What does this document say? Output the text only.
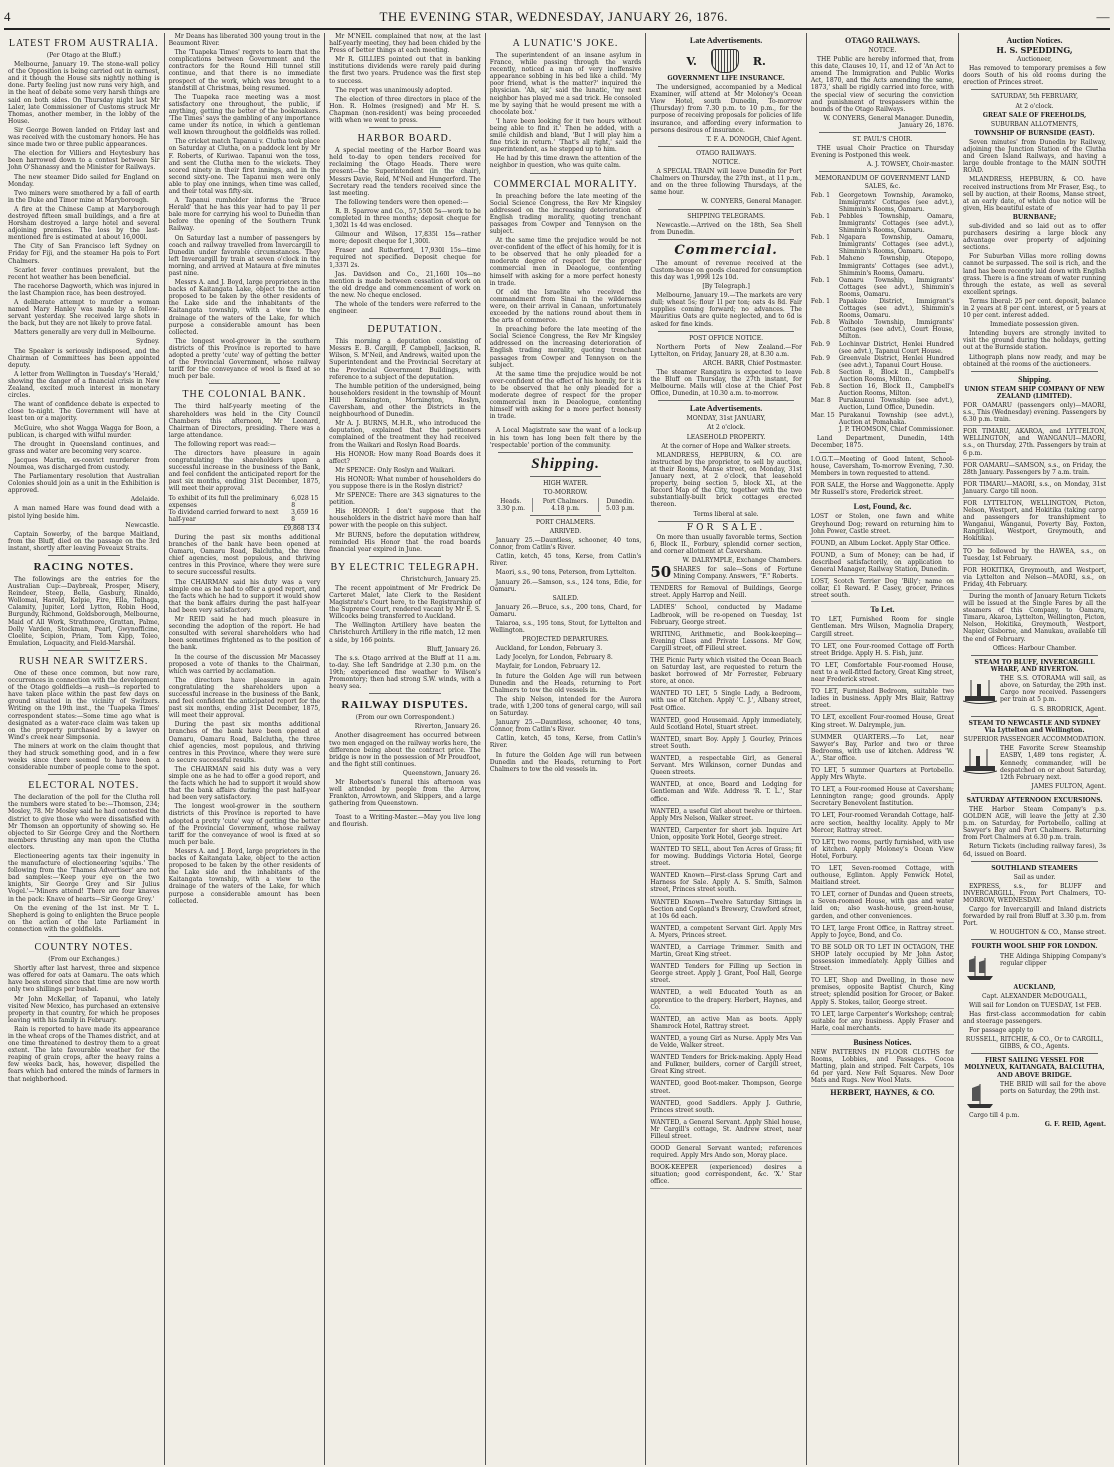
4	THE EVENING STAR, WEDNESDAY, JANUARY 26, 1876.	—
LATEST FROM AUSTRALIA.

(Per Otago at the Bluff.)

Melbourne, January 19. The stone-wall policy of the Opposition is being carried out in earnest, and it though the House sits nightly nothing is done. Party feeling just now runs very high, and in the heat of debate some very harsh things are said on both sides. On Thursday night last Mr Laler, late Commissioner of Customs struck Mr Thomas, another member, in the lobby of the House.

Sir George Bowen landed on Friday last and was received with the customary honors. He has since made two or three public appearances.

The election for Villiers and Heytesbury has been harrowed down to a contest between Sir John O'Shanassy and the Minister for Railways.

The new steamer Dido sailed for England on Monday.

Two miners were smothered by a fall of earth in the Duke and Timor mine at Maryborough.

A fire at the Chinese Camp at Maryborough destroyed fifteen small buildings, and a fire at Horsham destroyed a large hotel and several adjoining premises. The loss by the last-mentioned fire is estimated at about 16,000l.

The City of San Francisco left Sydney on Friday for Fiji, and the steamer Ha pois to Fort Chalmers.

Scarlet fever continues prevalent, but the recent hot weather has been beneficial.

The racehorse Dagworth, which was injured in the last Champion race, has been destroyed.

A deliberate attempt to murder a woman named Mary Hanley was made by a fellow-servant yesterday. She received large shots in the back, but they are not likely to prove fatal.

Matters generally are very dull in Melbourne.

Sydney.

The Speaker is seriously indisposed, and the Chairman of Committees has been appointed deputy.

A letter from Wellington in Tuesday's 'Herald,' showing the danger of a financial crisis in New Zealand, excited much interest in monetary circles.

The want of confidence debate is expected to close to-night. The Government will have at least ten or a majority.

McGuire, who shot Wagga Wagga for Boon, a publican, is charged with wilful murder.

The drought in Queensland continues, and grass and water are becoming very scarce.

Jacques Martin, ex-convict murderer from Noumea, was discharged from custody.

The Parliamentary resolution that Australian Colonies should join as a unit in the Exhibition is approved.

Adelaide.

A man named Hare was found dead with a pistol lying beside him.

Newcastle.

Captain Sowerby, of the barque Maitland, from the Bluff, died on the passage on the 3rd instant, shortly after leaving Foveaux Straits.

RACING NOTES.

The followings are the entries for the Australian Cup:—Daybreak, Prosper, Misery, Reindeer, Steep, Bella, Gasbury, Rinaldo, Wollomai, Harold, Kelpie, Fire, Ella, Telhaga, Calamity, Jupiter, Lord Lytton, Robin Hood, Burgundy, Richmond, Goldsborough, Melbourne, Maid of All Work, Strathmore, Grattan, Palme, Dolly Varden, Stockman, Pearl, Gwynofficine, Cloelite, Scipion, Priam, Tom Kipp, Toleo, Emulation, Loquacity, and Field-Marshal.

RUSH NEAR SWITZERS.

One of these once common, but now rare, occurrences in connection with the development of the Otago goldfields—a rush—is reported to have taken place within the past few days on ground situated in the vicinity of Switzers. Writing on the 19th inst., the 'Tuapeka Times' correspondent states:—Some time ago what is designated as a water-race claim was taken up on the property purchased by a lawyer on Wind's creek near Simpsonia.

The miners at work on the claim thought that they had struck something good, and in a few weeks since there seemed to have been a considerable number of people come to the spot.

ELECTORAL NOTES.

The declaration of the poll for the Clutha roll the numbers were stated to be:—Thomson, 234; Mosley, 78. Mr Mosley said he had contested the district to give those who were dissatisfied with Mr Thomson an opportunity of showing so. He objected to Sir George Grey and the Northern members thrusting any man upon the Clutha electors.

Electioneering agents tax their ingenuity in the manufacture of electioneering 'squibs.' The following from the 'Thames Advertiser' are not bad samples:—'Keep your eye on the two knights, Sir George Grey and Sir Julius Vogel.'—'Miners attend! There are four knaves in the pack: Knave of hearts—Sir George Grey.'

On the evening of the 1st inst. Mr T. L. Shepherd is going to enlighten the Bruce people on the action of the late Parliament in connection with the goldfields.

COUNTRY NOTES.

(From our Exchanges.)

Shortly after last harvest, three and sixpence was offered for oats at Oamaru. The oats which have been stored since that time are now worth only two shillings per bushel.

Mr John McKellar, of Tapanui, who lately visited New Mexico, has purchased an extensive property in that country, for which he proposes leaving with his family in February.

Rain is reported to have made its appearance in the wheat crops of the Thames district, and at one time threatened to destroy them to a great extent. The late favourable weather for the reaping of grain crops, after the heavy rains a few weeks back, has, however, dispelled the fears which had entered the minds of farmers in that neighborhood.

Mr Deans has liberated 300 young trout in the Beaumont River.

The 'Tuapeka Times' regrets to learn that the complications between Government and the contractors for the Round Hill tunnel still continue, and that there is no immediate prospect of the work, which was brought to a standstill at Christmas, being resumed.

The Tuapeka race meeting was a most satisfactory one throughout, the public, if anything, getting the better of the bookmakers. 'The Times' says the gambling of any importance came under its notice, in which a gentleman well known throughout the goldfields was rolled.

The cricket match Tapanui v. Clutha took place on Saturday at Clutha, on a paddock lent by Mr F. Roberts, of Kuriwao. Tapanui won the toss, and sent the Clutha men to the wickets. They scored ninety in their first innings, and in the second sixty-one. The Tapanui men were only able to play one innings, when time was called, and their total was fifty-six.

A Tapanui rumholder informs the 'Bruce Herald' that he has this year had to pay 1l per bale more for carrying his wool to Dunedin than before the opening of the Southern Trunk Railway.

On Saturday last a number of passengers by coach and railway travelled from Invercargill to Dunedin under favorable circumstances. They left Invercargill by train at seven o'clock in the morning, and arrived at Mataura at five minutes past nine.

Messrs A. and J. Boyd, large proprietors in the backs of Kaitangata Lake, object to the action proposed to be taken by the other residents of the Lake side and the inhabitants of the Kaitangata township, with a view to the drainage of the waters of the Lake, for which purpose a considerable amount has been collected.

The longest wool-grower in the southern districts of this Province is reported to have adopted a pretty 'cute' way of getting the better of the Provincial Government, whose railway tariff for the conveyance of wool is fixed at so much per bale.

THE COLONIAL BANK.

The third half-yearly meeting of the shareholders was held in the City Council Chambers this afternoon, Mr Leonard, Chairman of Directors, presiding. There was a large attendance.

The following report was read:—

The directors have pleasure in again congratulating the shareholders upon a successful increase in the business of the Bank, and feel confident the anticipated report for the past six months, ending 31st December, 1875, will meet their approval.

To exhibit of its full the preliminary expenses
6,028 15 8
To dividend carried forward to next half-year
3,659 16 8
£9,868 13 4

During the past six months additional branches of the bank have been opened at Oamaru, Oamaru Road, Balclutha, the three chief agencies, most populous, and thriving centres in this Province, where they were sure to secure successful results.

The CHAIRMAN said his duty was a very simple one as he had to offer a good report, and the facts which he had to support it would show that the bank affairs during the past half-year had been very satisfactory.

Mr REID said he had much pleasure in seconding the adoption of the report. He had consulted with several shareholders who had been sometimes frightened as to the position of the bank.

In the course of the discussion Mr Macassey proposed a vote of thanks to the Chairman, which was carried by acclamation.

The directors have pleasure in again congratulating the shareholders upon a successful increase in the business of the Bank, and feel confident the anticipated report for the past six months, ending 31st December, 1875, will meet their approval.

During the past six months additional branches of the bank have been opened at Oamaru, Oamaru Road, Balclutha, the three chief agencies, most populous, and thriving centres in this Province, where they were sure to secure successful results.

The CHAIRMAN said his duty was a very simple one as he had to offer a good report, and the facts which he had to support it would show that the bank affairs during the past half-year had been very satisfactory.

The longest wool-grower in the southern districts of this Province is reported to have adopted a pretty 'cute' way of getting the better of the Provincial Government, whose railway tariff for the conveyance of wool is fixed at so much per bale.

Messrs A. and J. Boyd, large proprietors in the backs of Kaitangata Lake, object to the action proposed to be taken by the other residents of the Lake side and the inhabitants of the Kaitangata township, with a view to the drainage of the waters of the Lake, for which purpose a considerable amount has been collected.

Mr M'NEIL complained that now, at the last half-yearly meeting, they had been chided by the Press of better things at each meeting.

Mr R. GILLIES pointed out that in banking institutions dividends were rarely paid during the first two years. Prudence was the first step to success.

The report was unanimously adopted.

The election of three directors in place of the Hon. R. Holmes (resigned) and Mr H. S. Chapman (non-resident) was being proceeded with when we went to press.

HARBOR BOARD.

A special meeting of the Harbor Board was held to-day to open tenders received for reclaiming the Otago Heads. There were present—the Superintendent (in the chair), Messrs Davie, Reid, M'Neil and Hungerford. The Secretary read the tenders received since the last meeting.

The following tenders were then opened:—

R. B. Sparrow and Co., 57,550l 5s—work to be completed in three months; deposit cheque for 1,302l 1s 4d was enclosed.

Gilmour and Wilson, 17,835l 15s—rather more; deposit cheque for 1,300l.

Fraser and Rutherford, 17,930l 15s—time required not specified. Deposit cheque for 1,337l 2s.

Jas. Davidson and Co., 21,160l 10s—no mention is made between cessation of work on the old dredge and commencement of work on the new. No cheque enclosed.

The whole of the tenders were referred to the engineer.

DEPUTATION.

This morning a deputation consisting of Messrs E. B. Cargill, P. Campbell, Jackson, R. Wilson, S. M'Neil, and Andrews, waited upon the Superintendent and the Provincial Secretary at the Provincial Government Buildings, with reference to a subject of the deputation.

The humble petition of the undersigned, being householders resident in the township of Mount Hill Kensington, Mornington, Roslyn, Caversham, and other the Districts in the neighbourhood of Dunedin.

Mr A. J. BURNS, M.H.R., who introduced the deputation, explained that the petitioners complained of the treatment they had received from the Waikari and Roslyn Road Boards.

His HONOR: How many Road Boards does it affect?

Mr SPENCE: Only Roslyn and Waikari.

His HONOR: What number of householders do you suppose there is in the Roslyn district?

Mr SPENCE: There are 343 signatures to the petition.

His HONOR: I don't suppose that the householders in the district have more than half power with the people on this subject.

Mr BURNS, before the deputation withdrew, reminded His Honor that the road boards financial year expired in June.

BY ELECTRIC TELEGRAPH.

Christchurch, January 25.

The recent appointment of Mr Fredrick De Carteret Malet, late Clerk to the Resident Magistrate's Court here, to the Registrarship of the Supreme Court, rendered vacant by Mr E. S. Willcocks being transferred to Auckland.

The Wellington Artillery have beaten the Christchurch Artillery in the rifle match, 12 men a side, by 166 points.

Bluff, January 26.

The s.s. Otago arrived at the Bluff at 11 a.m. to-day. She left Sandridge at 2.30 p.m. on the 19th; experienced fine weather to Wilson's Promontory; then had strong S.W. winds, with a heavy sea.

RAILWAY DISPUTES.

(From our own Correspondent.)

Riverton, January 26.

Another disagreement has occurred between two men engaged on the railway works here, the difference being about the contract price. The bridge is now in the possession of Mr Proudfoot, and the fight still continues.

Queenstown, January 26.

Mr Robertson's funeral this afternoon was well attended by people from the Arrow, Frankton, Arrowtown, and Skippers, and a large gathering from Queenstown.

Toast to a Writing-Master.—May you live long and flourish.

A LUNATIC'S JOKE.

The superintendent of an insane asylum in France, while passing through the wards recently, noticed a man of very inoffensive appearance sobbing in his bed like a child. 'My poor friend, what is the matter?' inquired the physician. 'Ah, sir,' said the lunatic, 'my next neighbor has played me a sad trick. He consoled me by saying that he would present me with a chocolate box.'

'I have been looking for it two hours without being able to find it.' Then he added, with a smile childish and bland, 'But I will play him a fine trick in return.' 'That's all right,' said the superintendent, as he stepped up to him.

He had by this time drawn the attention of the neighbor in question, who was quite calm.

COMMERCIAL MORALITY.

In preaching before the late meeting of the Social Science Congress, the Rev Mr Kingsley addressed on the increasing deterioration of English trading morality, quoting trenchant passages from Cowper and Tennyson on the subject.

At the same time the prejudice would be not over-confident of the effect of his homily, for it is to be observed that he only pleaded for a moderate degree of respect for the proper commercial men in Deaologue, contenting himself with asking for a more perfect honesty in trade.

Of old the Israelite who received the commandment from Sinai in the wilderness were, on their arrival in Canaan, unfortunately exceeded by the nations round about them in the arts of commerce.

In preaching before the late meeting of the Social Science Congress, the Rev Mr Kingsley addressed on the increasing deterioration of English trading morality, quoting trenchant passages from Cowper and Tennyson on the subject.

At the same time the prejudice would be not over-confident of the effect of his homily, for it is to be observed that he only pleaded for a moderate degree of respect for the proper commercial men in Deaologue, contenting himself with asking for a more perfect honesty in trade.

A Local Magistrate saw the want of a lock-up in his town has long been felt there by the 'respectable' portion of the community.

Shipping.

HIGH WATER.

TO-MORROW.

Heads.	Port Chalmers.	Dunedin.
3.30 p.m.	4.18 p.m.	5.03 p.m.

PORT CHALMERS.

ARRIVED.

January 25.—Dauntless, schooner, 40 tons, Connor, from Catlin's River.

Catlin, ketch, 45 tons, Kerse, from Catlin's River.

Maori, s.s., 90 tons, Peterson, from Lyttelton.

January 26.—Samson, s.s., 124 tons, Edie, for Oamaru.

SAILED.

January 26.—Bruce, s.s., 200 tons, Chard, for Oamaru.

Taiaroa, s.s., 195 tons, Stout, for Lyttelton and Wellington.

PROJECTED DEPARTURES.

Auckland, for London, February 3.

Lady Jocelyn, for London, February 8.

Mayfair, for London, February 12.

In future the Golden Age will run between Dunedin and the Heads, returning to Port Chalmers to tow the old vessels in.

The ship Nelson, intended for the Aurora trade, with 1,200 tons of general cargo, will sail on Saturday.

January 25.—Dauntless, schooner, 40 tons, Connor, from Catlin's River.

Catlin, ketch, 45 tons, Kerse, from Catlin's River.

In future the Golden Age will run between Dunedin and the Heads, returning to Port Chalmers to tow the old vessels in.

Late Advertisements.
V.	R.

GOVERNMENT LIFE INSURANCE.

The undersigned, accompanied by a Medical Examiner, will attend at Mr Moloney's Ocean View Hotel, south Dunedin, To-morrow (Thursday) from 7.30 p.m. to 10 p.m., for the purpose of receiving proposals for policies of life insurance, and affording every information to persons desirous of insurance.

T. F. A. DONOGH, Chief Agent.

OTAGO RAILWAYS.

NOTICE.

A SPECIAL TRAIN will leave Dunedin for Port Chalmers on Thursday, the 27th inst., at 11 p.m., and on the three following Thursdays, at the same hour.

W. CONYERS, General Manager.

SHIPPING TELEGRAMS.

Newcastle.—Arrived on the 18th, Sea Shell from Dunedin.

Commercial.

The amount of revenue received at the Custom-house on goods cleared for consumption this day was 1,999l 12s 10d.

[By Telegraph.]

Melbourne, January 19.—The markets are very dull; wheat 5s; flour 1l per ton; oats 4s 8d. Fair supplies coming forward; no advances. The Mauritius Oats are quite neglected, and to 6d is asked for fine kinds.

POST OFFICE NOTICE.

Northern Ports of New Zealand.—For Lyttelton, on Friday, January 28, at 8.30 a.m.

ARCH. BARR, Chief Postmaster.

The steamer Rangatira is expected to leave the Bluff on Thursday, the 27th instant, for Melbourne. Mails will close at the Chief Post Office, Dunedin, at 10.30 a.m. to-morrow.

Late Advertisements.

MONDAY, 31st JANUARY,

At 2 o'clock.

LEASEHOLD PROPERTY.

At the corner of Hope and Walker streets.

MLANDRESS, HEPBURN, & CO. are instructed by the proprietor, to sell by auction, at their Rooms, Manse street, on Monday, 31st January next, at 2 o'clock, that leasehold property, being section 5, block XL, at the Record Map of the City, together with the two substantially-built brick cottages erected thereon.

Terms liberal at sale.

FOR SALE.

On more than usually favorable terms, Section 6, Block II., Forbury, splendid corner section, and corner allotment at Caversham.

W. DALRYMPLE, Exchange Chambers.

50 SHARES for sale—Sons of Fortune Mining Company. Answers, "F." Roberts.
TENDERS for Removal of Buildings, George street. Apply Harrop and Neill.
LADIES' School, conducted by Madame Ladbrook, will be re-opened on Tuesday, 1st February, George street.
WRITING, Arithmetic, and Book-keeping—Evening Class and Private Lessons. Mr Gow, Cargill street, off Filleul street.
THE Picnic Party which visited the Ocean Beach on Saturday last, are requested to return the basket borrowed of Mr Forrester, February store, at once.
WANTED TO LET, 5 Single Lady, a Bedroom, with use of Kitchen. Apply 'C. J.', Albany street, Post Office.
WANTED, good Housemaid. Apply immediately, Auld Scotland Hotel, Stuart street.
WANTED, smart Boy. Apply J. Gourley, Princes street South.
WANTED, a respectable Girl, as General Servant. Mrs Wilkinson, corner Dundas and Queen streets.
WANTED, at once, Board and Lodging for Gentleman and Wife. Address 'R. T. L.', Star office.
WANTED, a useful Girl about twelve or thirteen. Apply Mrs Nelson, Walker street.
WANTED, Carpenter for short job. Inquire Art Union, opposite York Hotel, George street.
WANTED TO SELL, about Ten Acres of Grass; fit for mowing. Buddings Victoria Hotel, George street.
WANTED Known—First-class Sprung Cart and Harness for Sale. Apply A. S. Smith, Salmon street, Princes street south.
WANTED Known—Twelve Saturday Sittings in Section and Copland's Brewery, Crawford street, at 10s 6d each.
WANTED, a competent Servant Girl. Apply Mrs A. Myers, Princes street.
WANTED, a Carriage Trimmer. Smith and Martin, Great King street.
WANTED Tenders for Filling up Section in George street. Apply J. Grant, Pool Hall, George street.
WANTED, a well Educated Youth as an apprentice to the drapery. Herbert, Haynes, and Co.
WANTED, an active Man as boots. Apply Shamrock Hotel, Rattray street.
WANTED, a young Girl as Nurse. Apply Mrs Van de Velde, Walker street.
WANTED Tenders for Brick-making. Apply Head and Fulkner, builders, corner of Cargill street, Great King street.
WANTED, good Boot-maker. Thompson, George street.
WANTED, good Saddlers. Apply J. Guthrie, Princes street south.
WANTED, a General Servant. Apply Shiel house, Mr Cargill's cottage, St. Andrew street, near Filleul street.
GOOD General Servant wanted; references required. Apply Mrs Ando son, Moray place.
BOOK-KEEPER (experienced) desires a situation; good correspondent, &c. 'X.' Star office.
OTAGO RAILWAYS.

NOTICE.

THE Public are hereby informed that, from this date, Clauses 10, 11, and 12 of 'An Act to amend The Immigration and Public Works Act, 1870, and the Acts amending the same, 1873,' shall be rigidly carried into force, with the special view of securing the conviction and punishment of trespassers within the bounds of the Otago Railways.

W. CONYERS, General Manager. Dunedin, January 26, 1876.

ST. PAUL'S CHOIR.

THE usual Choir Practice on Thursday Evening is Postponed this week.

A. J. TOWSEY, Choir-master.

MEMORANDUM OF GOVERNMENT LAND SALES, &c.

Feb. 1	Georgetown Township, Awamoko, Immigrants' Cottages (see advt.), Shimmin's Rooms, Oamaru.
Feb. 1	Pebbles Township, Oamaru, Immigrants' Cottages (see advt.), Shimmin's Rooms, Oamaru.
Feb. 1	Ngapara Township, Oamaru, Immigrants' Cottages (see advt.), Shimmin's Rooms, Oamaru.
Feb. 1	Maheno Township, Otepopo, Immigrants' Cottages (see advt.), Shimmin's Rooms, Oamaru.
Feb. 1	Oamaru Township, Immigrants' Cottages (see advt.), Shimmin's Rooms, Oamaru.
Feb. 1	Papakaio District, Immigrant's Cottages (see advt.), Shimmin's Rooms, Oamaru.
Feb. 8	Waiholo Township, Immigrants' Cottages (see advt.), Court House, Milton.
Feb. 9	Lochinvar District, Henlei Hundred (see advt.), Tapanui Court House.
Feb. 9	Greenvale District, Henlei Hundred (see advt.), Tapanui Court House.
Feb. 8	Section 8, Block II., Campbell's Auction Rooms, Milton.
Feb. 8	Section 16, Block II., Campbell's Auction Rooms, Milton.
Mar. 8	Purakaunui Township (see advt.), Auction, Lund Office, Dunedin.
Mar. 15 Purakanui Township (see advt.), Auction at Pomahaka.

J. P. THOMSON, Chief Commissioner.

Land Department, Dunedin, 14th December, 1875.

I.O.G.T.—Meeting of Good Intent, School-house, Caversham, To-morrow Evening, 7.30. Members in town requested to attend.
FOR SALE, the Horse and Waggonette. Apply Mr Russell's store, Frederick street.
Lost, Found, &c.
LOST or Stolen, one fawn and white Greyhound Dog; reward on returning him to John Power, Castle street.
FOUND, an Album Locket. Apply Star Office.
FOUND, a Sum of Money; can be had, if described satisfactorily, on application to General Manager, Railway Station, Dunedin.
LOST, Scotch Terrier Dog 'Billy'; name on collar, £1 Reward. P. Casey, grocer, Princes street south.
To Let.
TO LET, Furnished Room for single Gentleman. Mrs Wilson, Magnolia Drapery, Cargill street.
TO LET, one Four-roomed Cottage off Forth street Bridge. Apply H. S. Fish, junr.
TO LET, Comfortable Four-roomed House, next to a well-fitted factory, Great King street, near Frederick street.
TO LET, Furnished Bedroom, suitable two ladies in business. Apply Mrs Blair, Rattray street.
TO LET, excellent Four-roomed House, Great King street. W. Dalrymple, jun.
SUMMER QUARTERS.—To Let, near Sawyer's Bay, Parlor and two or three Bedrooms, with use of kitchen. Address 'W. A.', Star office.
TO LET, 5 summer Quarters at Portobello. Apply Mrs Whyte.
TO LET, a Four-roomed House at Caversham; Lennington range; good grounds. Apply Secretary Benevolent Institution.
TO LET, Four-roomed Verandah Cottage, half-acre section, healthy locality. Apply to Mr Mercer, Rattray street.
TO LET, two rooms, partly furnished, with use of kitchen. Apply Moloney's Ocean View Hotel, Forbury.
TO LET, Seven-roomed Cottage, with outhouse, Eglinton. Apply Fenwick Hotel, Maitland street.
TO LET, corner of Dundas and Queen streets, a Seven-roomed House, with gas and water laid on; also wash-house, green-house, garden, and other conveniences.
TO LET, large Front Office, in Rattray street. Apply to Joyce, Bond, and Co.
TO BE SOLD OR TO LET IN OCTAGON, THE SHOP lately occupied by Mr John Astor, possession immediately. Apply Gillies and Street.
TO LET, Shop and Dwelling, in those new premises, opposite Baptist Church, King street; splendid position for Grocer, or Baker. Apply S. Stokes, tailor, George street.
TO LET, large Carpenter's Workshop; central; suitable for any business. Apply Fraser and Harle, coal merchants.
Business Notices.
NEW PATTERNS IN FLOOR CLOTHS for Rooms, Lobbies, and Passages. Cocoa Matting, plain and striped. Felt Carpets, 10s 6d per yard. New Felt Squares. New Door Mats and Rugs. New Wool Mats.

HERBERT, HAYNES, & CO.

Auction Notices.

H. S. SPEDDING,

Auctioneer,

Has removed to temporary premises a few doors South of his old rooms during the erection of Princes street.

SATURDAY, 5th FEBRUARY,

At 2 o'clock.

GREAT SALE OF FREEHOLDS,

SUBURBAN ALLOTMENTS,

TOWNSHIP OF BURNSIDE (EAST).

Seven minutes' from Dunedin by Railway, adjoining the Junction Station of the Clutha and Green Island Railways, and having a large double frontage to the MAIN SOUTH ROAD.

MLANDRESS, HEPBURN, & CO. have received instructions from Mr Fraser, Esq., to sell by auction, at their Rooms, Manse street, at an early date, of which due notice will be given, His beautiful estate of

BURNBANE;

sub-divided and so laid out as to offer purchasers desiring a large block any advantage over property of adjoining sections.

For Suburban Villas more rolling downs cannot be surpassed. The soil is rich, and the land has been recently laid down with English grass. There is a fine stream of water running through the estate, as well as several excellent springs.

Terms liberal: 25 per cent. deposit, balance in 2 years at 8 per cent. interest, or 5 years at 10 per cent. interest added.

Immediate possession given.

Intending buyers are strongly invited to visit the ground during the holidays, getting out at the Burnside station.

Lithograph plans now ready, and may be obtained at the rooms of the auctioneers.

Shipping.

UNION STEAM SHIP COMPANY OF NEW ZEALAND (LIMITED).

FOR OAMARU (passengers only)—MAORI, s.s., This (Wednesday) evening. Passengers by 6.30 p.m. train.
FOR TIMARU, AKAROA, and LYTTELTON, WELLINGTON, and WANGANUI—MAORI, s.s., on Thursday, 27th. Passengers by train at 6 p.m.
FOR OAMARU—SAMSON, s.s., on Friday, the 28th January. Passengers by 7 a.m. train.
FOR TIMARU—MAORI, s.s., on Monday, 31st January. Cargo till noon.
FOR LYTTELTON, WELLINGTON, Picton, Nelson, Westport, and Hokitika (taking cargo and passengers for transhipment to Wanganui, Wanganui, Poverty Bay, Foxton, Rangitikei, Westport, Greymouth, and Hokitika).
TO be followed by the HAWEA, s.s., on Tuesday, 1st February.
FOR HOKITIKA, Greymouth, and Westport, via Lyttelton and Nelson—MAORI, s.s., on Friday, 4th February.

During the month of January Return Tickets will be issued at the Single Fares by all the steamers of this Company, to Oamaru, Timaru, Akaroa, Lyttelton, Wellington, Picton, Nelson, Hokitika, Greymouth, Westport, Napier, Gisborne, and Manukau, available till the end of February.

Offices: Harbour Chamber.

STEAM TO BLUFF, INVERCARGILL WHARF, AND RIVERTON.

THE S.S. OTORAMA will sail, as above, on Saturday, the 29th inst. Cargo now received. Passengers per train at 5 p.m.

G. S. BRODRICK, Agent.

STEAM TO NEWCASTLE AND SYDNEY Via Lyttelton and Wellington.

SUPERIOR PASSENGER ACCOMMODATION.

THE Favorite Screw Steamship EASBY, 1,489 tons register, A. Kennedy, commander, will be despatched on or about Saturday, 12th February next.

JAMES FULTON, Agent.

SATURDAY AFTERNOON EXCURSIONS.

THE Harbor Steam Company's p.s. GOLDEN AGE, will leave the Jetty at 2.30 p.m. on Saturday, for Portobello, calling at Sawyer's Bay and Port Chalmers. Returning from Port Chalmers at 6.30 p.m. train.

Return Tickets (including railway fares), 3s 6d, issued on Board.

SOUTHLAND STEAMERS

Sail as under.

EXPRESS, s.s., for BLUFF and INVERCARGILL, From Port Chalmers, TO-MORROW, WEDNESDAY.

Cargo for Invercargill and Inland districts forwarded by rail from Bluff at 3.30 p.m. from Port.

W. HOUGHTON & CO., Manse street.

FOURTH WOOL SHIP FOR LONDON.

THE Aldinga Shipping Company's regular clipper

AUCKLAND,

Capt. ALEXANDER McDOUGALL,

Will sail for London on TUESDAY, 1st FEB.

Has first-class accommodation for cabin and steerage passengers.

For passage apply to

RUSSELL, RITCHIE, & CO., Or to CARGILL, GIBBS, & CO., Agents.

FIRST SAILING VESSEL FOR MOLYNEUX, KAITANGATA, BALCLUTHA, AND ABOVE BRIDGE.

THE BRID will sail for the above ports on Saturday, the 29th inst.

Cargo till 4 p.m.

G. F. REID, Agent.
